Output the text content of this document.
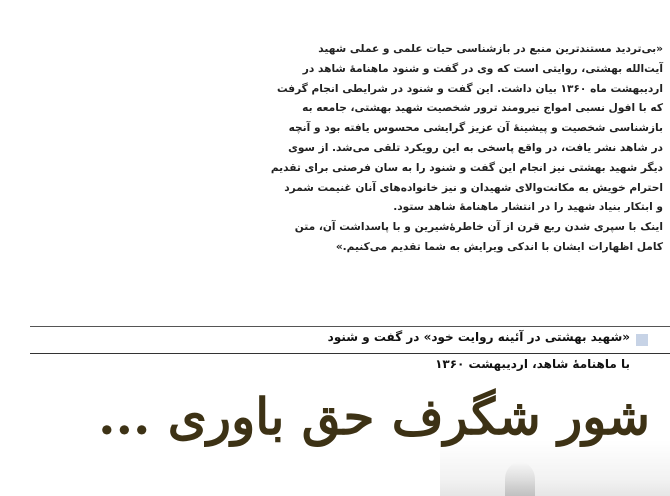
«بی‌تردید مستندترین منبع در بازشناسی حیات علمی و عملی شهید

آیت‌الله بهشتی، روایتی است که وی در گفت و شنود ماهنامهٔ شاهد در

اردیبهشت ماه ۱۳۶۰ بیان داشت. این گفت و شنود در شرایطی انجام گرفت

که با افول نسبی امواج نیرومند ترور شخصیت شهید بهشتی، جامعه به

بازشناسی شخصیت و پیشینهٔ آن عزیز گرایشی محسوس یافته بود و آنچه

در شاهد نشر یافت، در واقع پاسخی به این رویکرد تلقی می‌شد. از سوی

دیگر شهید بهشتی نیز انجام این گفت و شنود را به سان فرصتی برای تقدیم

احترام خویش به مکانت‌والای شهیدان و نیز خانواده‌های آنان غنیمت شمرد

و ابتکار بنیاد شهید را در انتشار ماهنامهٔ شاهد ستود.

اینک با سپری شدن ربع قرن از آن خاطرهٔ‌شیرین و با پاسداشت آن، متن

کامل اظهارات ایشان با اندکی ویرایش به شما تقدیم می‌کنیم.»

«شهید بهشتی در آئینه روایت خود» در گفت و شنود
با ماهنامهٔ شاهد، اردیبهشت ۱۳۶۰
شور شگرف حق باوری ...
